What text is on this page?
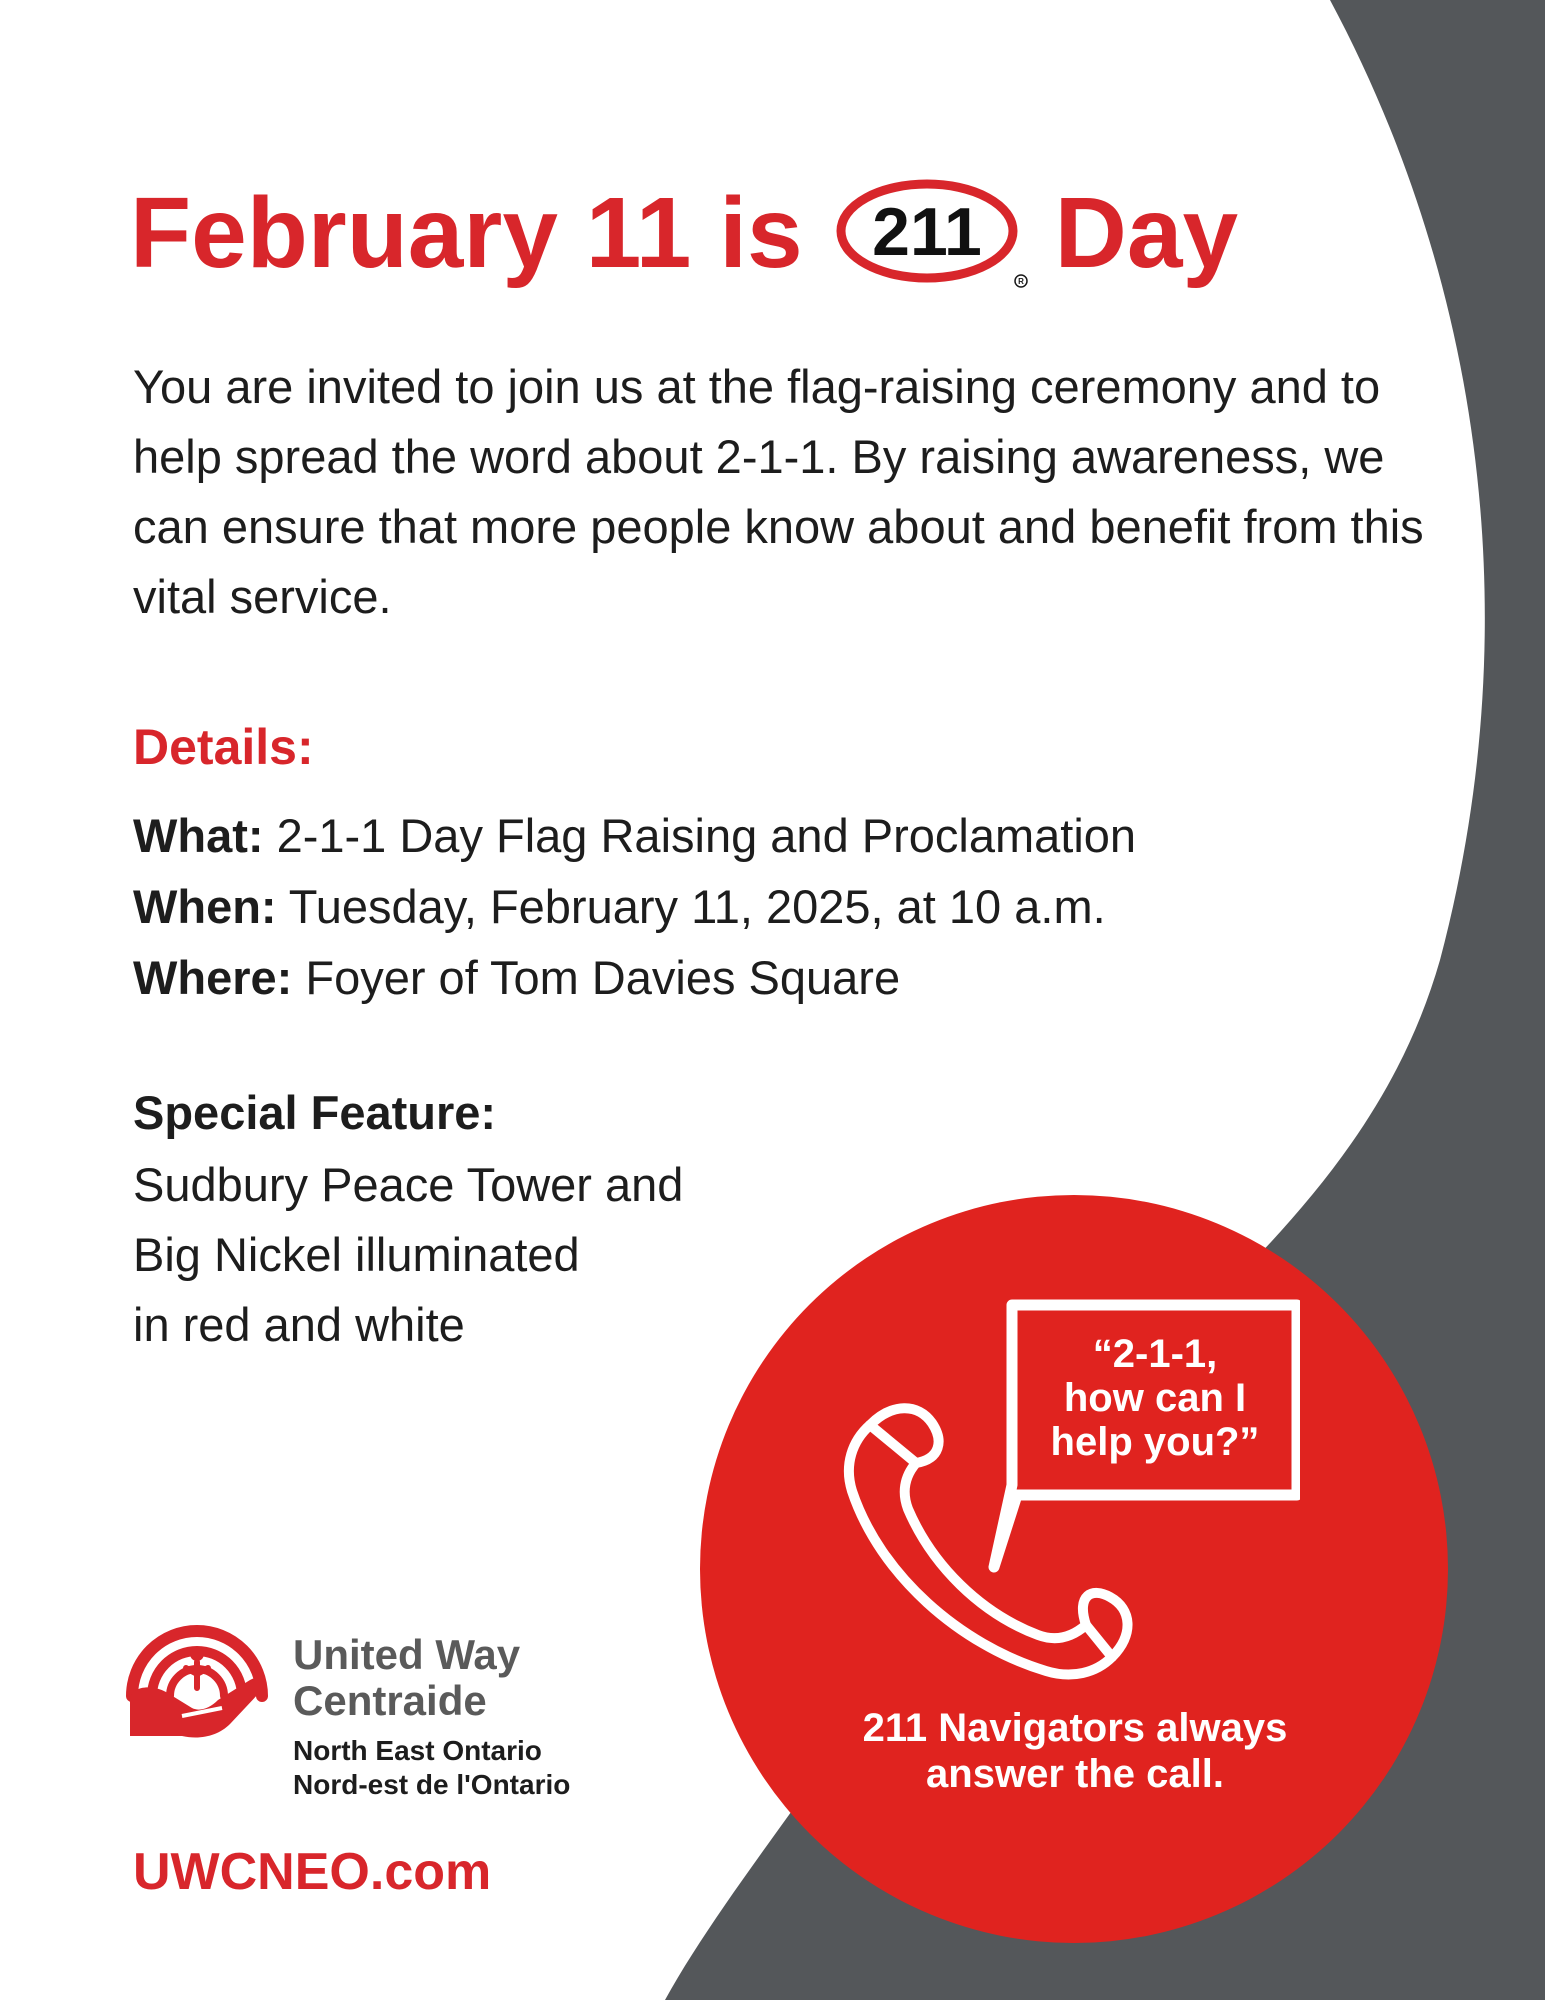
February 11 is	R
211 Day
You are invited to join us at the flag-raising ceremony and to help spread the word about 2-1-1. By raising awareness, we can ensure that more people know about and benefit from this vital service.
Details:
What: 2-1-1 Day Flag Raising and Proclamation
When: Tuesday, February 11, 2025, at 10 a.m.
Where: Foyer of Tom Davies Square
Special Feature:
Sudbury Peace Tower and
Big Nickel illuminated
in red and white
“2-1-1,
how can I
help you?”
211 Navigators always
answer the call.
United Way
Centraide
North East Ontario
Nord-est de l'Ontario
UWCNEO.com
